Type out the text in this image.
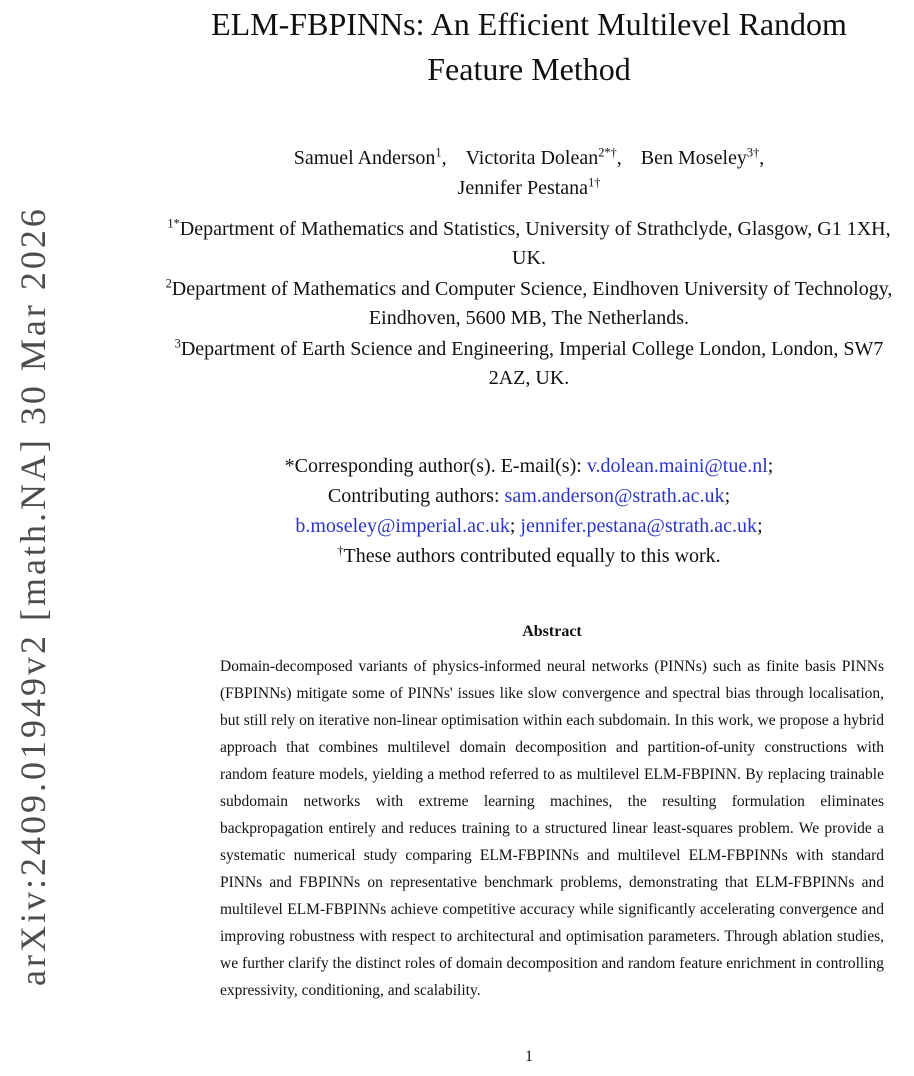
arXiv:2409.01949v2 [math.NA] 30 Mar 2026
ELM-FBPINNs: An Efficient Multilevel Random Feature Method
Samuel Anderson$^1$, Victorita Dolean$^{2*\dagger}$, Ben Moseley$^{3\dagger}$,
Jennifer Pestana$^{1\dagger}$
$^{1*}$Department of Mathematics and Statistics, University of Strathclyde, Glasgow, G1 1XH, UK.
$^2$Department of Mathematics and Computer Science, Eindhoven University of Technology, Eindhoven, 5600 MB, The Netherlands.
$^3$Department of Earth Science and Engineering, Imperial College London, London, SW7 2AZ, UK.
*Corresponding author(s). E-mail(s): v.dolean.maini@tue.nl;
Contributing authors: sam.anderson@strath.ac.uk;
b.moseley@imperial.ac.uk; jennifer.pestana@strath.ac.uk;
†These authors contributed equally to this work.
Abstract

Domain-decomposed variants of physics-informed neural networks (PINNs) such as finite basis PINNs (FBPINNs) mitigate some of PINNs' issues like slow convergence and spectral bias through localisation, but still rely on iterative non-linear optimisation within each subdomain. In this work, we propose a hybrid approach that combines multilevel domain decomposition and partition-of-unity constructions with random feature models, yielding a method referred to as multilevel ELM-FBPINN. By replacing trainable subdomain networks with extreme learning machines, the resulting formulation eliminates backpropagation entirely and reduces training to a structured linear least-squares problem. We provide a systematic numerical study comparing ELM-FBPINNs and multilevel ELM-FBPINNs with standard PINNs and FBPINNs on representative benchmark problems, demonstrating that ELM-FBPINNs and multilevel ELM-FBPINNs achieve competitive accuracy while significantly accelerating convergence and improving robustness with respect to architectural and optimisation parameters. Through ablation studies, we further clarify the distinct roles of domain decomposition and random feature enrichment in controlling expressivity, conditioning, and scalability.

1
